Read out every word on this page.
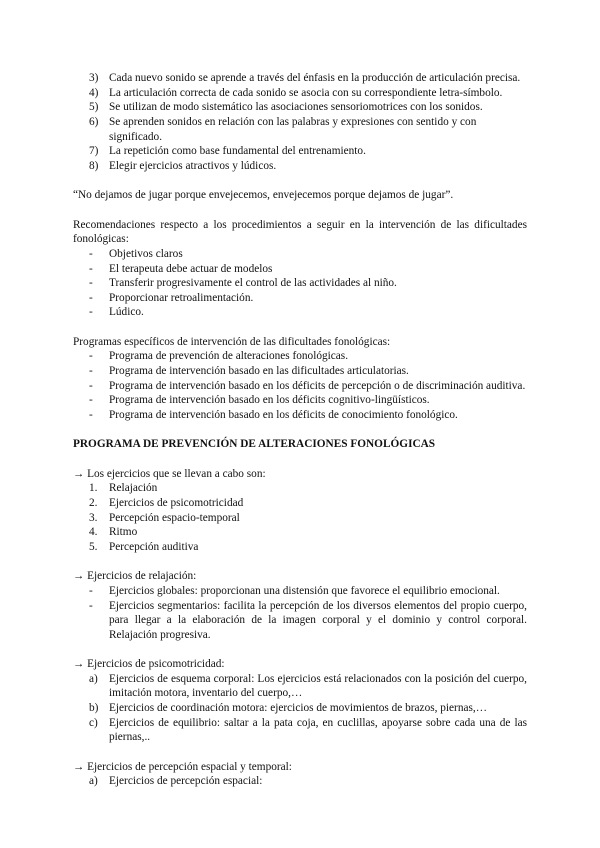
3) Cada nuevo sonido se aprende a través del énfasis en la producción de articulación precisa.
4) La articulación correcta de cada sonido se asocia con su correspondiente letra-símbolo.
5) Se utilizan de modo sistemático las asociaciones sensoriomotrices con los sonidos.
6) Se aprenden sonidos en relación con las palabras y expresiones con sentido y con significado.
7) La repetición como base fundamental del entrenamiento.
8) Elegir ejercicios atractivos y lúdicos.
“No dejamos de jugar porque envejecemos, envejecemos porque dejamos de jugar”.
Recomendaciones respecto a los procedimientos a seguir en la intervención de las dificultades fonológicas:
- Objetivos claros
- El terapeuta debe actuar de modelos
- Transferir progresivamente el control de las actividades al niño.
- Proporcionar retroalimentación.
- Lúdico.
Programas específicos de intervención de las dificultades fonológicas:
- Programa de prevención de alteraciones fonológicas.
- Programa de intervención basado en las dificultades articulatorias.
- Programa de intervención basado en los déficits de percepción o de discriminación auditiva.
- Programa de intervención basado en los déficits cognitivo-lingüísticos.
- Programa de intervención basado en los déficits de conocimiento fonológico.
PROGRAMA DE PREVENCIÓN DE ALTERACIONES FONOLÓGICAS
→ Los ejercicios que se llevan a cabo son:
1. Relajación
2. Ejercicios de psicomotricidad
3. Percepción espacio-temporal
4. Ritmo
5. Percepción auditiva
→ Ejercicios de relajación:
- Ejercicios globales: proporcionan una distensión que favorece el equilibrio emocional.
- Ejercicios segmentarios: facilita la percepción de los diversos elementos del propio cuerpo, para llegar a la elaboración de la imagen corporal y el dominio y control corporal. Relajación progresiva.
→ Ejercicios de psicomotricidad:
a) Ejercicios de esquema corporal: Los ejercicios está relacionados con la posición del cuerpo, imitación motora, inventario del cuerpo,…
b) Ejercicios de coordinación motora: ejercicios de movimientos de brazos, piernas,…
c) Ejercicios de equilibrio: saltar a la pata coja, en cuclillas, apoyarse sobre cada una de las piernas,..
→ Ejercicios de percepción espacial y temporal:
a) Ejercicios de percepción espacial:
